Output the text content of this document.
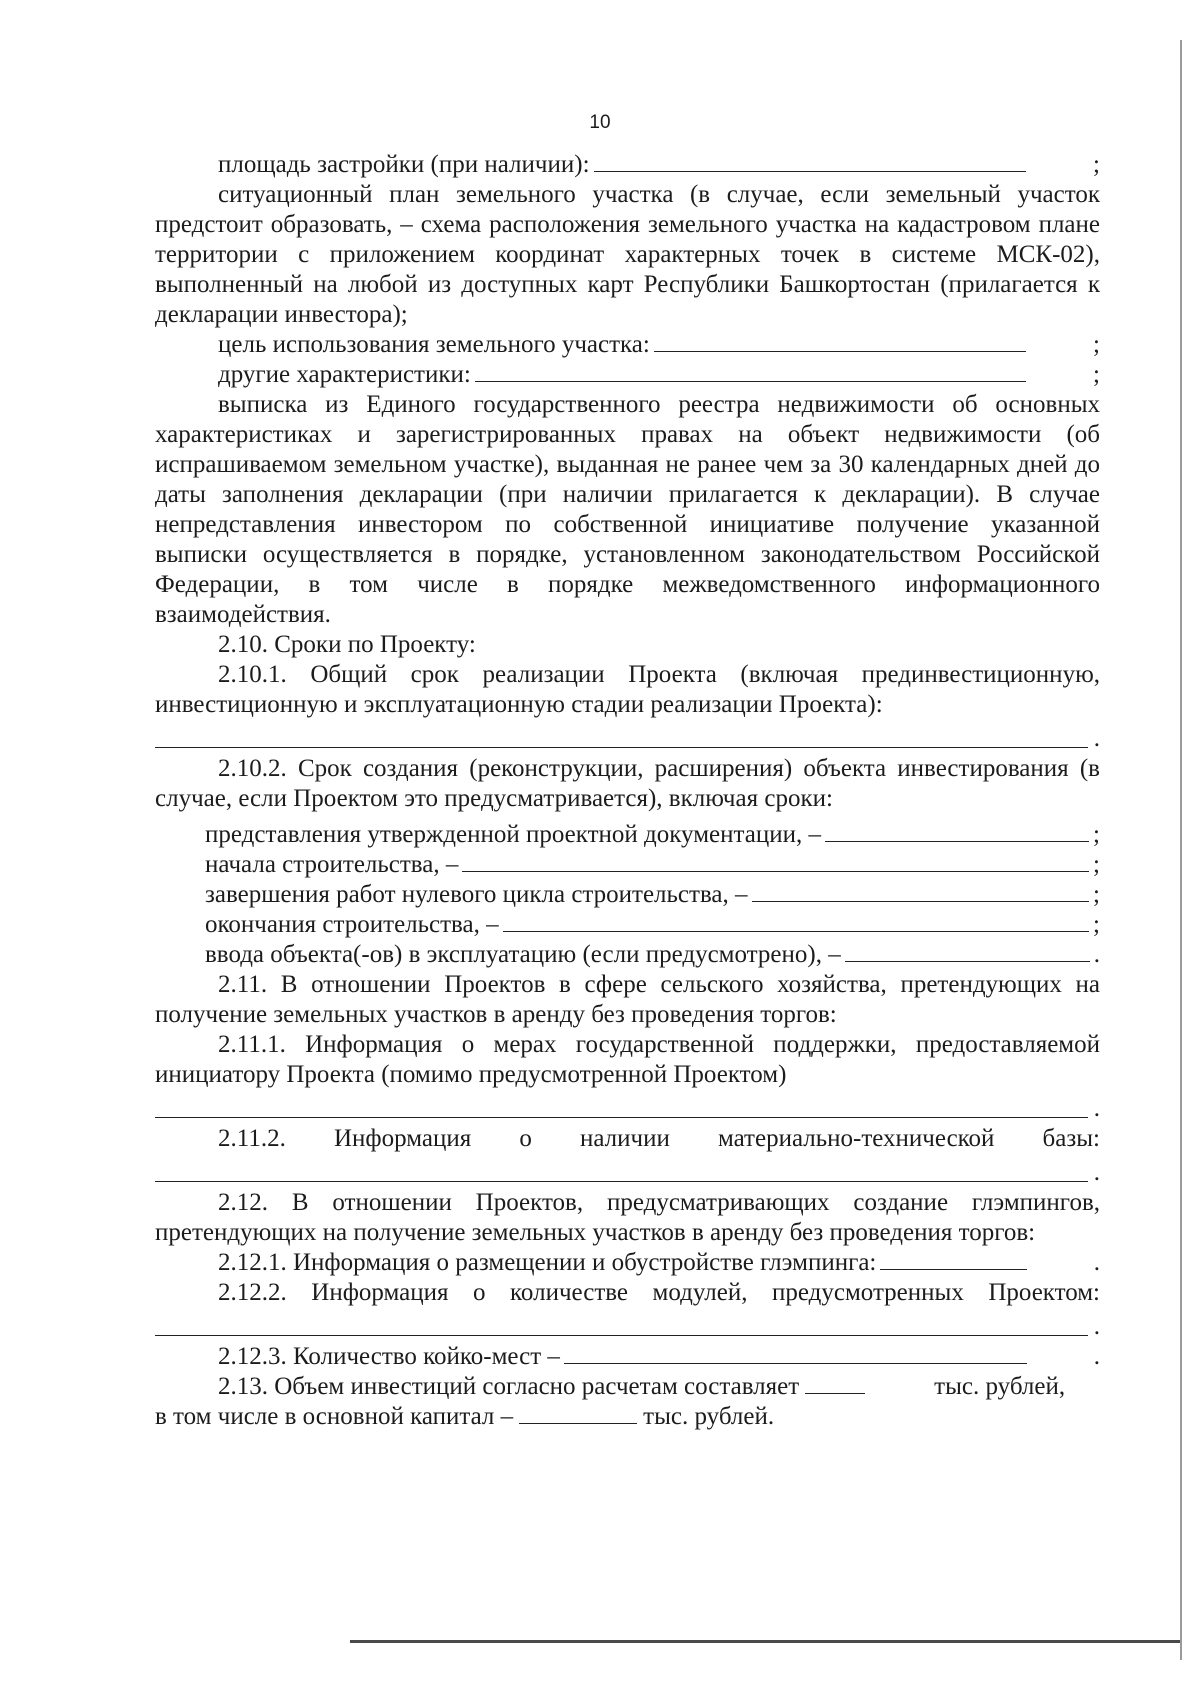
10

площадь застройки (при наличии):	;

ситуационный план земельного участка (в случае, если земельный участок предстоит образовать, – схема расположения земельного участка на кадастровом плане территории с приложением координат характерных точек в системе МСК-02), выполненный на любой из доступных карт Республики Башкортостан (прилагается к декларации инвестора);

цель использования земельного участка:	;

другие характеристики:	;

выписка из Единого государственного реестра недвижимости об основных характеристиках и зарегистрированных правах на объект недвижимости (об испрашиваемом земельном участке), выданная не ранее чем за 30 календарных дней до даты заполнения декларации (при наличии прилагается к декларации). В случае непредставления инвестором по собственной инициативе получение указанной выписки осуществляется в порядке, установленном законодательством Российской Федерации, в том числе в порядке межведомственного информационного взаимодействия.

2.10. Сроки по Проекту:

2.10.1. Общий срок реализации Проекта (включая прединвестиционную, инвестиционную и эксплуатационную стадии реализации Проекта):

.

2.10.2. Срок создания (реконструкции, расширения) объекта инвестирования (в случае, если Проектом это предусматривается), включая сроки:

представления утвержденной проектной документации, –	;

начала строительства, –	;

завершения работ нулевого цикла строительства, –	;

окончания строительства, –	;

ввода объекта(-ов) в эксплуатацию (если предусмотрено), –	.

2.11. В отношении Проектов в сфере сельского хозяйства, претендующих на получение земельных участков в аренду без проведения торгов:

2.11.1. Информация о мерах государственной поддержки, предоставляемой инициатору Проекта (помимо предусмотренной Проектом)

.

2.11.2. Информация о наличии материально-технической базы:

.

2.12. В отношении Проектов, предусматривающих создание глэмпингов, претендующих на получение земельных участков в аренду без проведения торгов:

2.12.1. Информация о размещении и обустройстве глэмпинга:	.

2.12.2. Информация о количестве модулей, предусмотренных Проектом:

.

2.12.3. Количество койко-мест –	.

2.13. Объем инвестиций согласно расчетам составляет	тыс. рублей,

в том числе в основной капитал –	тыс. рублей.
